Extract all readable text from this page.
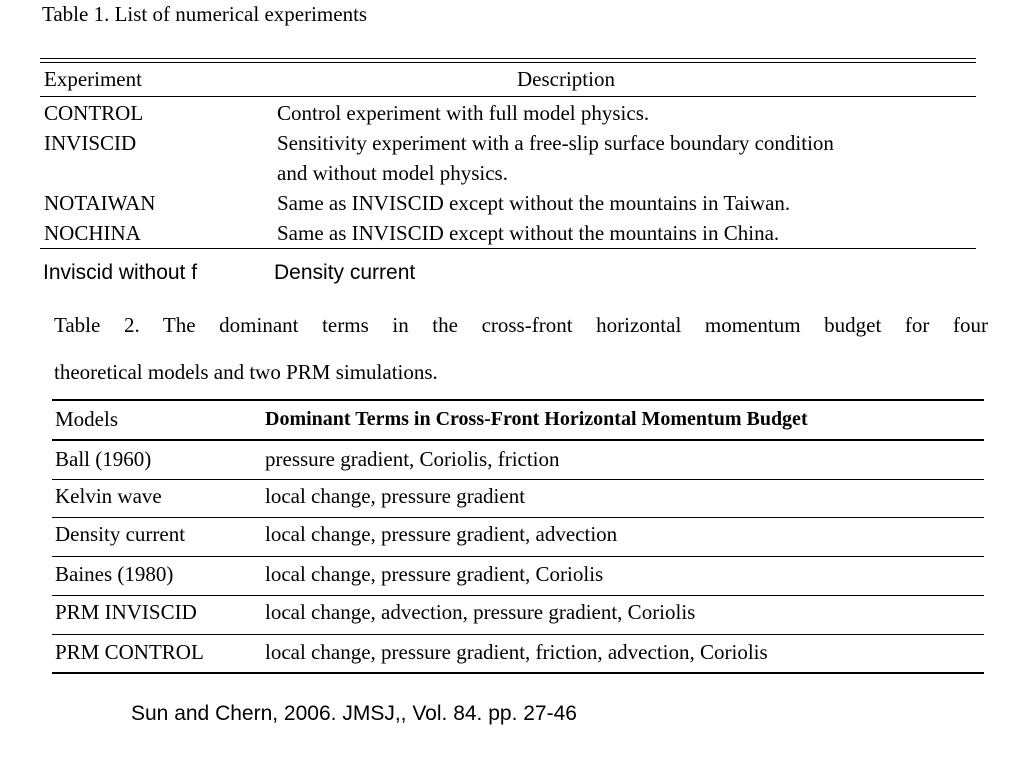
Table 1. List of numerical experiments
Experiment	Description
CONTROL	Control experiment with full model physics.
INVISCID	Sensitivity experiment with a free-slip surface boundary condition
and without model physics.
NOTAIWAN	Same as INVISCID except without the mountains in Taiwan.
NOCHINA	Same as INVISCID except without the mountains in China.
Inviscid without f	Density current
Table 2. The dominant terms in the cross-front horizontal momentum budget for four
theoretical models and two PRM simulations.
Models	Dominant Terms in Cross-Front Horizontal Momentum Budget
Ball (1960)	pressure gradient, Coriolis, friction
Kelvin wave	local change, pressure gradient
Density current	local change, pressure gradient, advection
Baines (1980)	local change, pressure gradient, Coriolis
PRM INVISCID	local change, advection, pressure gradient, Coriolis
PRM CONTROL	local change, pressure gradient, friction, advection, Coriolis
Sun and Chern, 2006. JMSJ,, Vol. 84. pp. 27-46
